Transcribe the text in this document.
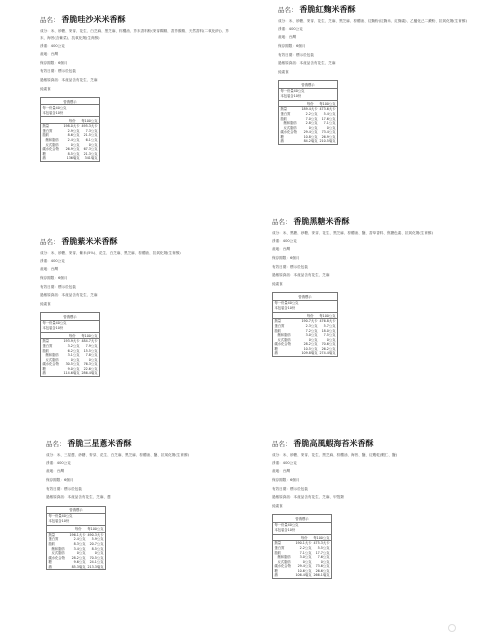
品名： 香脆哇沙米米香酥
成分：米、砂糖、麥芽、花生、白芝麻、黑芝麻、棕櫚油、芥末香料粉(麥芽糊精、香芥酸精、天然香料(二氧化矽))、芥末、海苔(含紫菜)、抗氧化劑(生育醇)
淨重：400公克
產地：台灣
保存期限：6個月
有效日期：標示於包裝
過敏原資訊：本產品含有花生、芝麻
純素食
營養標示
每一份量40公克
本包裝含10份
每份	每100公克
熱量	198.0大卡 495.3大卡
蛋白質	2.9公克	7.3公克
脂肪	8.6公克	21.5公克
飽和脂肪	2.4公克	6.1公克
反式脂肪	0公克	0公克
碳水化合物	26.9公克	67.3公克
糖	8.5公克	21.3公克
鈉	136毫克	341毫克
品名： 香脆紅麴米香酥
成分：米、砂糖、麥芽、花生、芝麻、黑芝麻、棕櫚油、紅麴粉(紅麴米、紅麴素)、乙醯化己二澱粉、抗氧化劑(生育醇)
淨重：400公克
產地：台灣
保存期限：6個月
有效日期：標示於包裝
過敏原資訊：本產品含有花生、芝麻
純素食
營養標示
每一份量40公克
本包裝含10份
每份	每100公克
熱量	189.4大卡 473.6大卡
蛋白質	2.2公克	5.4公克
脂肪	7.0公克	17.6公克
飽和脂肪	2.8公克	7.1公克
反式脂肪	0公克	0公克
碳水化合物	29.4公克	73.4公克
糖	10.8公克	26.9公克
鈉	84.2毫克 210.5毫克
品名： 香脆紫米米香酥
成分：米、砂糖、麥芽、紫米(5%)、花生、白芝麻、黑芝麻、棕櫚油、抗氧化劑(生育醇)
淨重：400公克
產地：台灣
保存期限：6個月
有效日期：標示於包裝
過敏原資訊：本產品含有花生、芝麻
純素食
營養標示
每一份量40公克
本包裝含10份
每份	每100公克
熱量	193.9大卡 484.7大卡
蛋白質	3.2公克	7.9公克
脂肪	6.2公克	15.5公克
飽和脂肪	3.1公克	7.8公克
反式脂肪	0公克	0公克
碳水化合物	30.5公克	76.3公克
糖	9.0公克	22.6公克
鈉	114.6毫克 286.4毫克
品名： 香脆黑糖米香酥
成分：米、黑糖、砂糖、麥芽、花生、黑芝麻、棕櫚油、鹽、香草香料、焦糖色素、抗氧化劑(生育醇)
淨重：400公克
產地：台灣
保存期限：6個月
有效日期：標示於包裝
過敏原資訊：本產品含有花生、芝麻
純素食
營養標示
每一份量40公克
本包裝含10份
每份	每100公克
熱量	190.7大卡 476.8大卡
蛋白質	2.3公克	5.7公克
脂肪	7.2公克	18.0公克
飽和脂肪	3.0公克	7.5公克
反式脂肪	0公克	0公克
碳水化合物	28.2公克	70.6公克
糖	10.5公克	26.2公克
鈉	109.8毫克 274.4毫克
品名： 香脆三星蔥米香酥
成分：米、三星蔥、砂糖、麥芽、花生、白芝麻、黑芝麻、棕櫚油、鹽、抗氧化劑(生育醇)
淨重：400公克
產地：台灣
保存期限：6個月
有效日期：標示於包裝
過敏原資訊：本產品含有花生、芝麻、蔥
營養標示
每一份量40公克
本包裝含10份
每份	每100公克
熱量	196.1大卡 490.3大卡
蛋白質	2.4公克	5.9公克
脂肪	8.3公克	20.7公克
飽和脂肪	3.4公克	8.5公克
反式脂肪	0公克	0公克
碳水化合物	28.2公克	70.5公克
糖	9.6公克	24.1公克
鈉	85.3毫克 213.3毫克
品名： 香脆高風蝦海苔米香酥
成分：米、砂糖、麥芽、花生、黑芝麻、棕櫚油、海苔、鹽、紅蝦乾(蝦仁、鹽)
淨重：400公克
產地：台灣
保存期限：6個月
有效日期：標示於包裝
過敏原資訊：本產品含有花生、芝麻、甲殼類
純素食
營養標示
每一份量40公克
本包裝含10份
每份	每100公克
熱量	190.1大卡 475.3大卡
蛋白質	2.2公克	5.5公克
脂肪	7.1公克	17.7公克
飽和脂肪	3.0公克	7.6公克
反式脂肪	0公克	0公克
碳水化合物	29.4公克	73.6公克
糖	10.6公克	26.6公克
鈉	106.4毫克 266.1毫克
